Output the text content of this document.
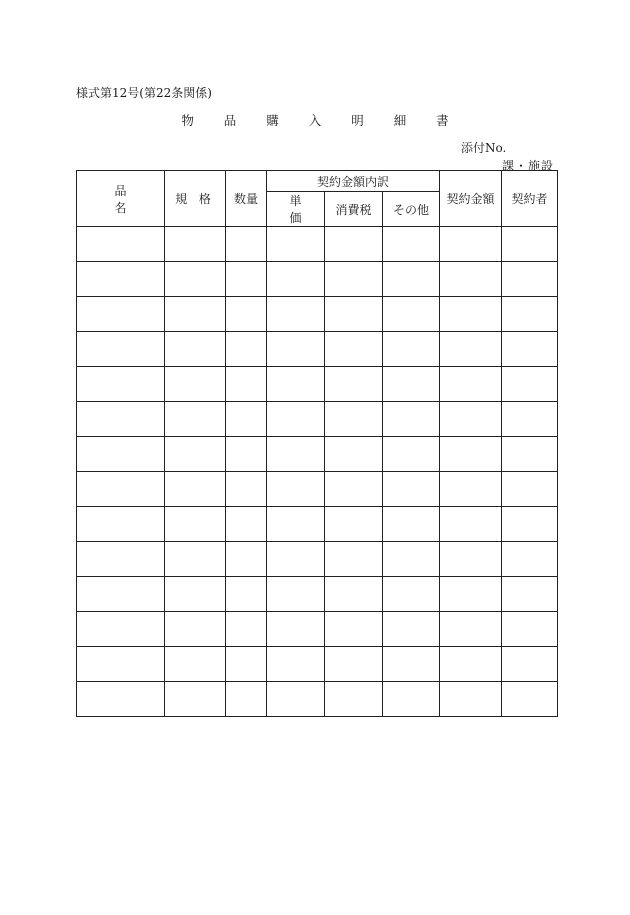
様式第12号(第22条関係)
物 品 購 入 明 細 書
添付No.
課・施設
品　名	規 格	数量	契約金額内訳			契約金額	契約者
			単 価	消費税	その他		
